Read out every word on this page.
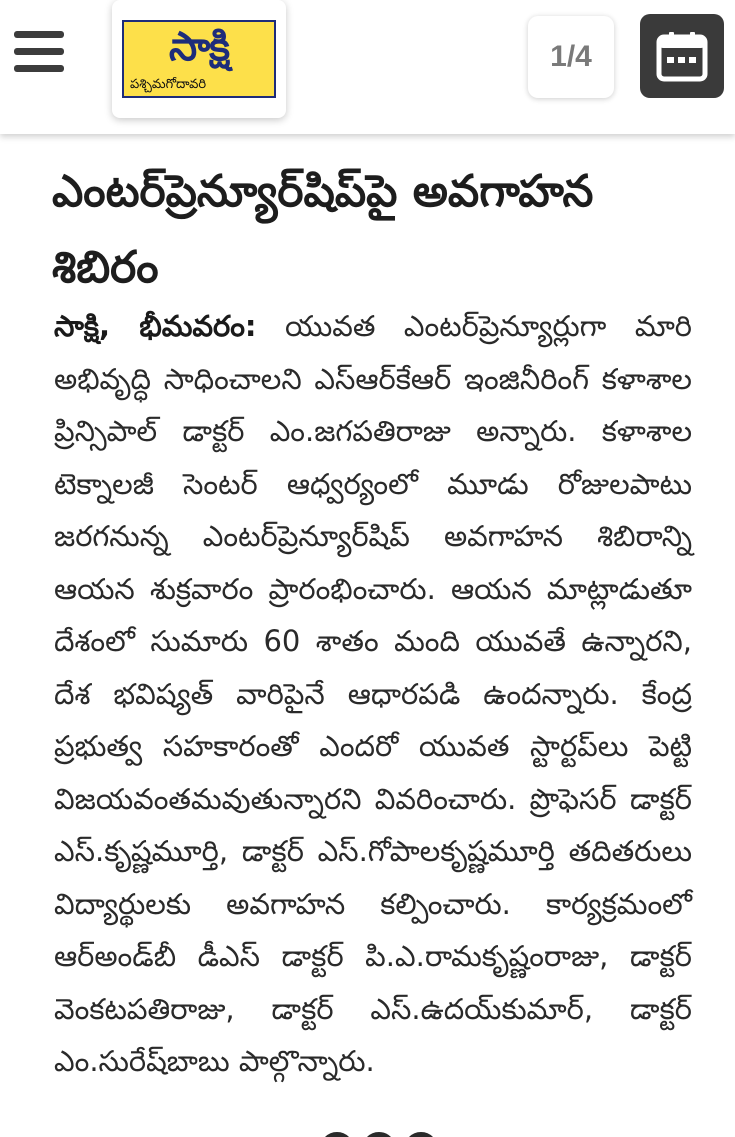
సాక్షి
పశ్చిమగోదావరి
1/4
ఎంటర్‌ప్రెన్యూర్‌షిప్‌పై అవగాహన శిబిరం

సాక్షి, భీమవరం: యువత ఎంటర్‌ప్రెన్యూర్లుగా మారి అభివృద్ధి సాధించాలని ఎస్‌ఆర్‌కేఆర్‌ ఇంజినీరింగ్‌ కళాశాల ప్రిన్సిపాల్‌ డాక్టర్‌ ఎం.జగపతిరాజు అన్నారు. కళాశాల టెక్నాలజీ సెంటర్‌ ఆధ్వర్యంలో మూడు రోజులపాటు జరగనున్న ఎంటర్‌ప్రెన్యూర్‌షిప్‌ అవగాహన శిబిరాన్ని ఆయన శుక్రవారం ప్రారంభించారు. ఆయన మాట్లాడుతూ దేశంలో సుమారు 60 శాతం మంది యువతే ఉన్నారని, దేశ భవిష్యత్‌ వారిపైనే ఆధారపడి ఉందన్నారు. కేంద్ర ప్రభుత్వ సహకారంతో ఎందరో యువత స్టార్టప్‌లు పెట్టి విజయవంతమవుతున్నారని వివరించారు. ప్రొఫెసర్‌ డాక్టర్‌ ఎస్‌.కృష్ణమూర్తి, డాక్టర్‌ ఎస్‌.గోపాలకృష్ణమూర్తి తదితరులు విద్యార్థులకు అవగాహన కల్పించారు. కార్యక్రమంలో ఆర్‌అండ్‌బీ డీఎస్‌ డాక్టర్‌ పి.ఎ.రామకృష్ణంరాజు, డాక్టర్‌ వెంకటపతిరాజు, డాక్టర్‌ ఎస్‌.ఉదయ్‌కుమార్‌, డాక్టర్‌ ఎం.సురేష్‌బాబు పాల్గొన్నారు.
